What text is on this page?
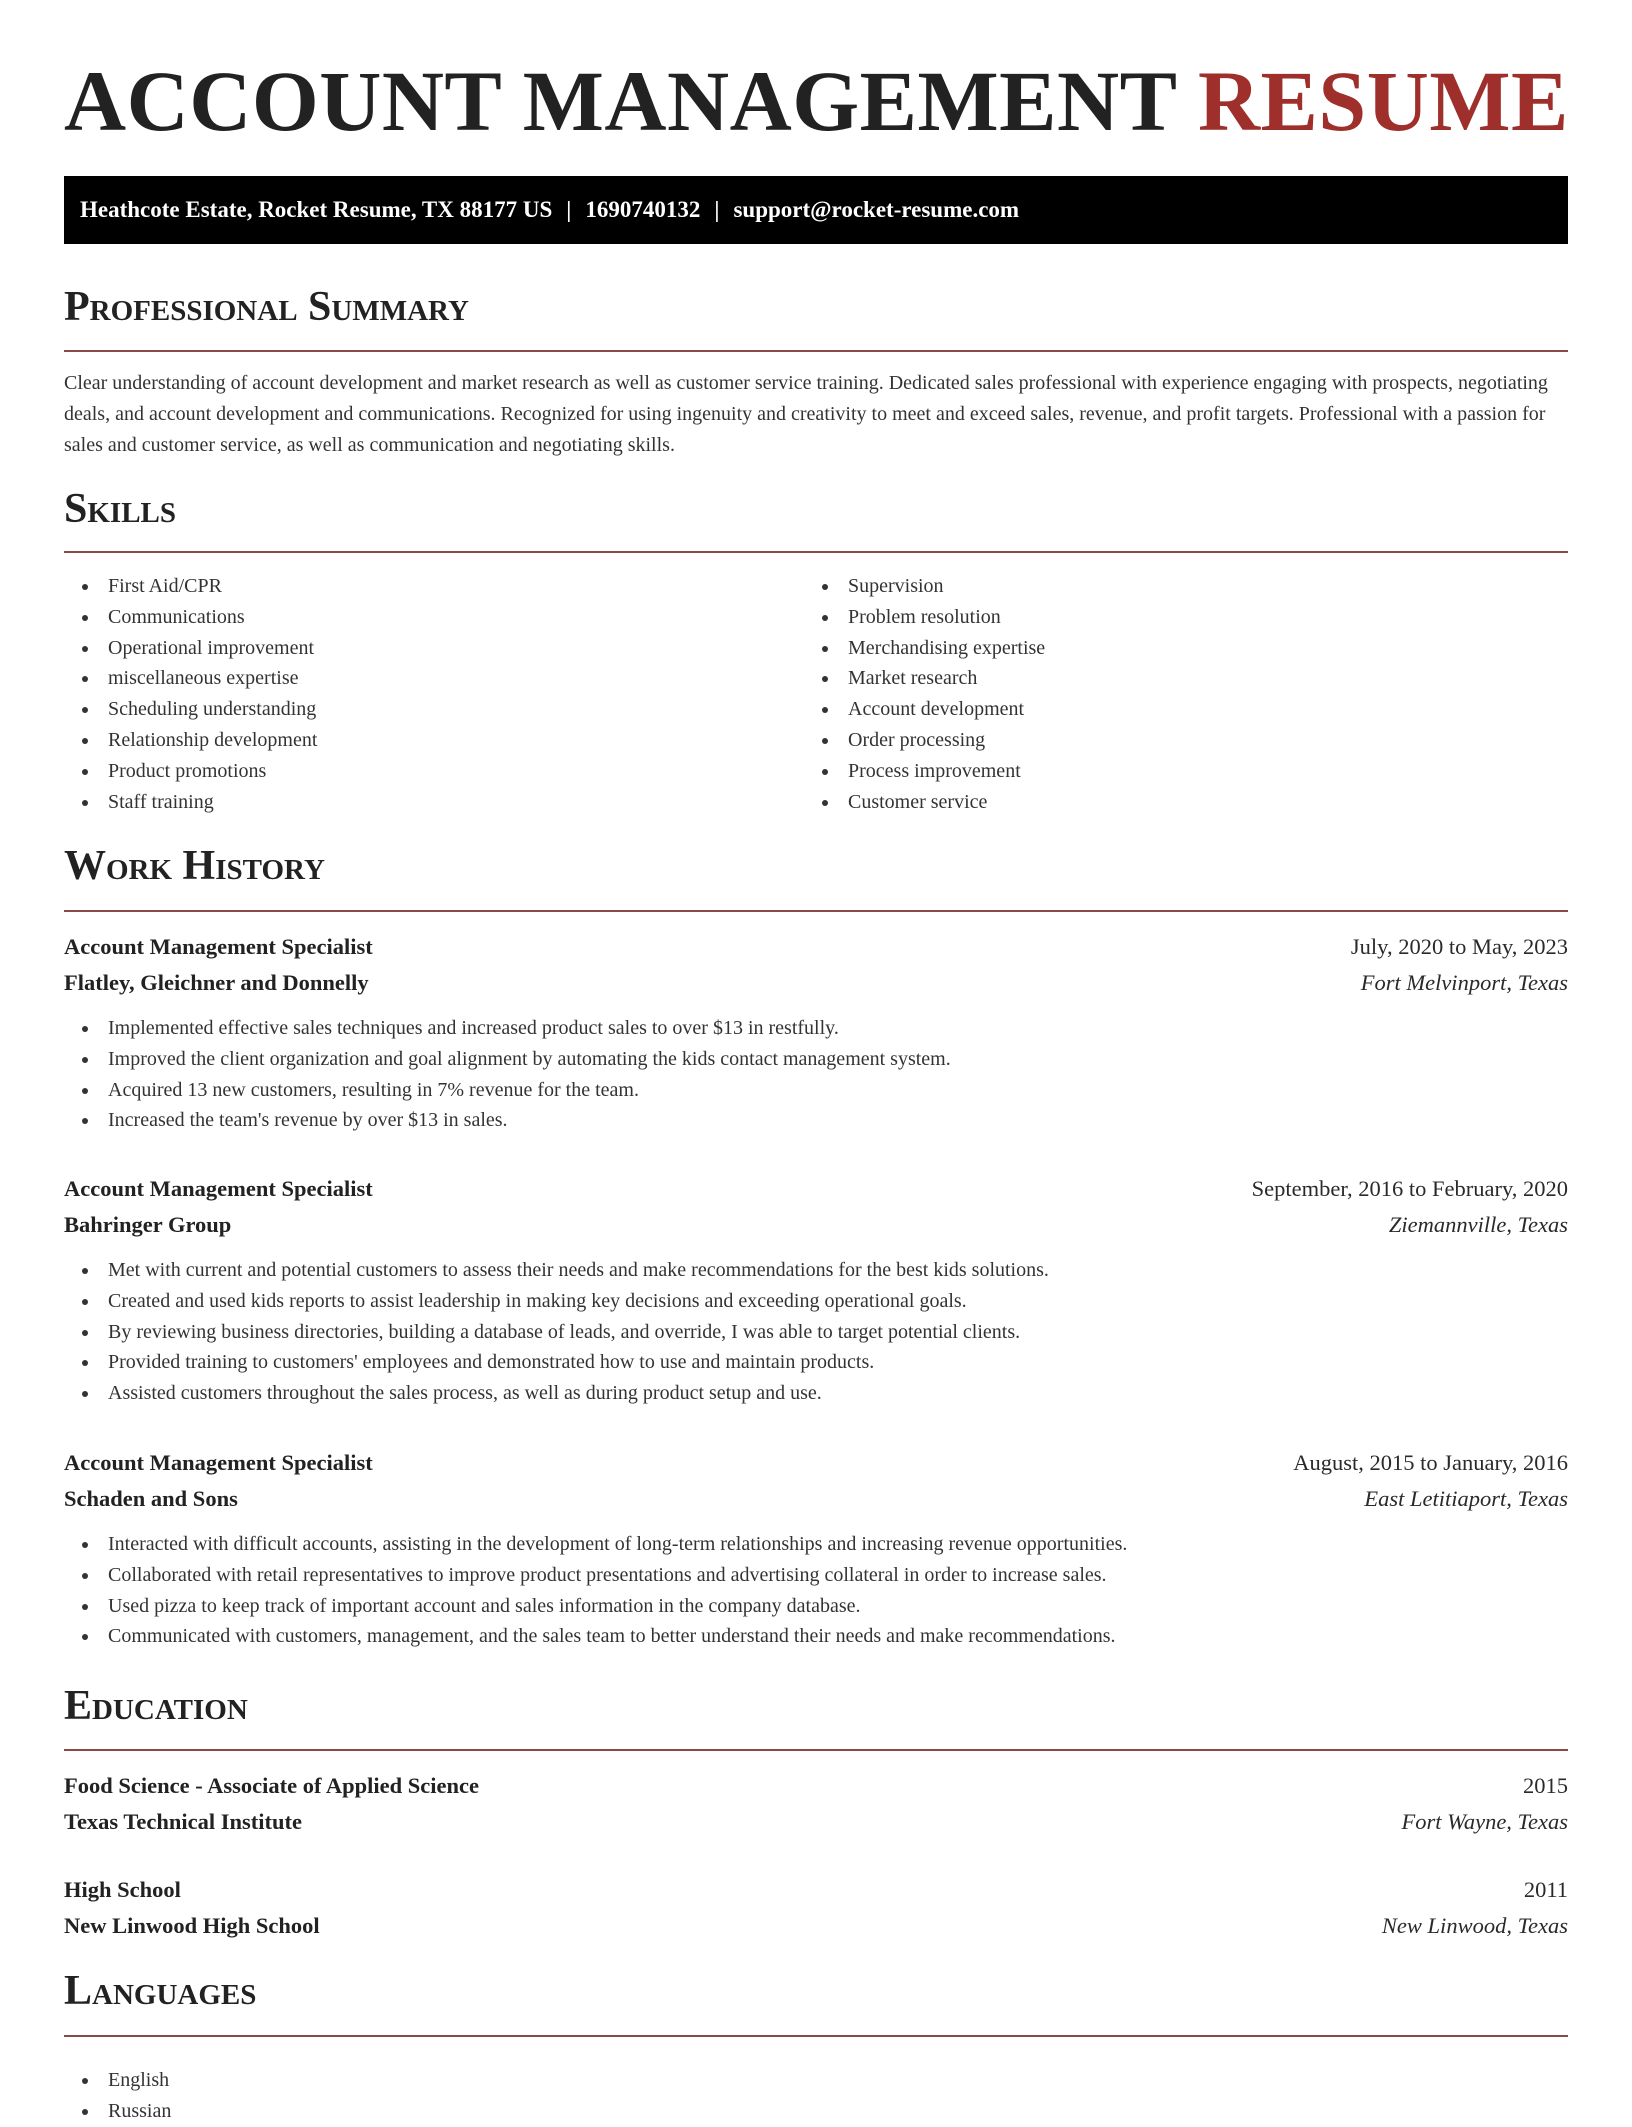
ACCOUNT MANAGEMENT RESUME
Heathcote Estate, Rocket Resume, TX 88177 US | 1690740132 | support@rocket-resume.com
Professional Summary

Clear understanding of account development and market research as well as customer service training. Dedicated sales professional with experience engaging with prospects, negotiating deals, and account development and communications. Recognized for using ingenuity and creativity to meet and exceed sales, revenue, and profit targets. Professional with a passion for sales and customer service, as well as communication and negotiating skills.

Skills
First Aid/CPR
Communications
Operational improvement
miscellaneous expertise
Scheduling understanding
Relationship development
Product promotions
Staff training
Supervision
Problem resolution
Merchandising expertise
Market research
Account development
Order processing
Process improvement
Customer service
Work History
Account Management Specialist	July, 2020 to May, 2023
Flatley, Gleichner and Donnelly	Fort Melvinport, Texas
Implemented effective sales techniques and increased product sales to over $13 in restfully.
Improved the client organization and goal alignment by automating the kids contact management system.
Acquired 13 new customers, resulting in 7% revenue for the team.
Increased the team's revenue by over $13 in sales.
Account Management Specialist	September, 2016 to February, 2020
Bahringer Group	Ziemannville, Texas
Met with current and potential customers to assess their needs and make recommendations for the best kids solutions.
Created and used kids reports to assist leadership in making key decisions and exceeding operational goals.
By reviewing business directories, building a database of leads, and override, I was able to target potential clients.
Provided training to customers' employees and demonstrated how to use and maintain products.
Assisted customers throughout the sales process, as well as during product setup and use.
Account Management Specialist	August, 2015 to January, 2016
Schaden and Sons	East Letitiaport, Texas
Interacted with difficult accounts, assisting in the development of long-term relationships and increasing revenue opportunities.
Collaborated with retail representatives to improve product presentations and advertising collateral in order to increase sales.
Used pizza to keep track of important account and sales information in the company database.
Communicated with customers, management, and the sales team to better understand their needs and make recommendations.
Education
Food Science - Associate of Applied Science	2015
Texas Technical Institute	Fort Wayne, Texas
High School	2011
New Linwood High School	New Linwood, Texas
Languages
English
Russian
